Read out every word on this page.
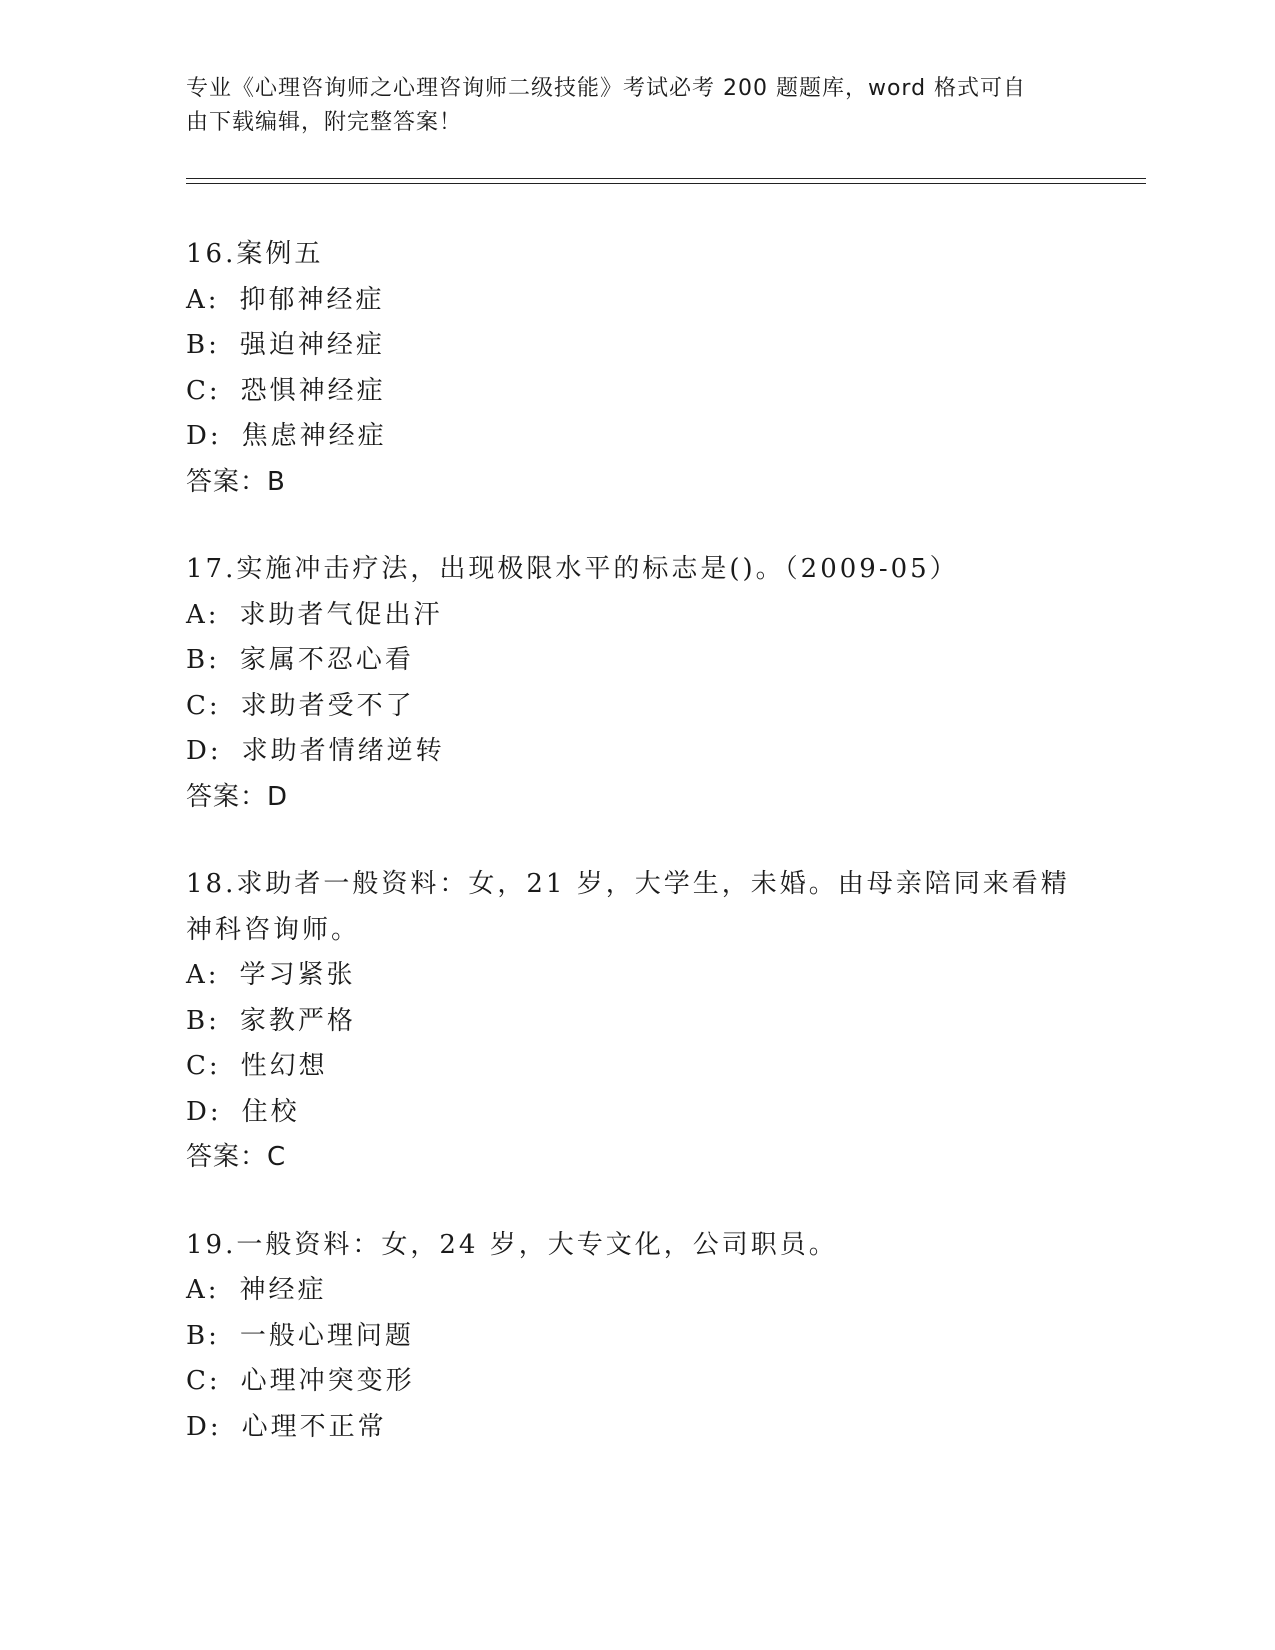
专业《心理咨询师之心理咨询师二级技能》考试必考 200 题题库，word 格式可自
由下载编辑，附完整答案！
16.案例五
A: 抑郁神经症
B: 强迫神经症
C: 恐惧神经症
D: 焦虑神经症
答案：B
17.实施冲击疗法，出现极限水平的标志是()。（2009-05）
A: 求助者气促出汗
B: 家属不忍心看
C: 求助者受不了
D: 求助者情绪逆转
答案：D
18.求助者一般资料：女，21 岁，大学生，未婚。由母亲陪同来看精神科咨询师。
A: 学习紧张
B: 家教严格
C: 性幻想
D: 住校
答案：C
19.一般资料：女，24 岁，大专文化，公司职员。
A: 神经症
B: 一般心理问题
C: 心理冲突变形
D: 心理不正常
